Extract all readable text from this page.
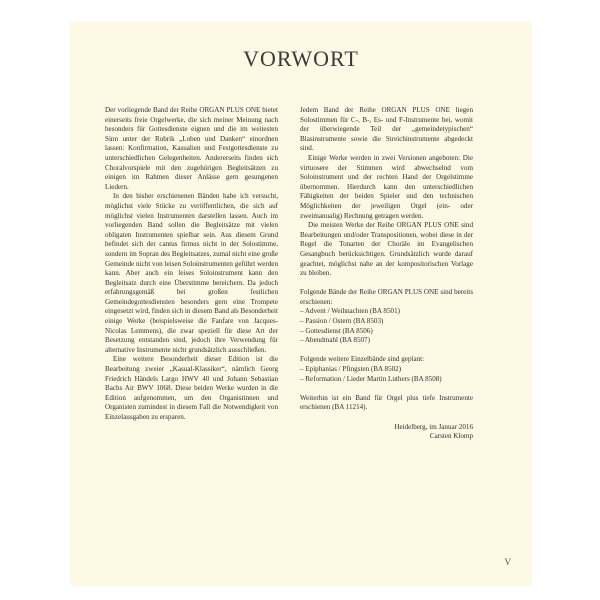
VORWORT

Der vorliegende Band der Reihe ORGAN PLUS ONE bietet einerseits freie Orgelwerke, die sich meiner Meinung nach besonders für Gottesdienste eignen und die im weitesten Sinn unter der Rubrik „Loben und Danken“ einordnen lassen: Konfirmation, Kasualien und Festgottesdienste zu unterschiedlichen Gelegenheiten. Andererseits finden sich Choralvorspiele mit den zugehörigen Begleitsätzen zu einigen im Rahmen dieser Anlässe gern gesungenen Liedern.

In den bisher erschienenen Bänden habe ich versucht, möglichst viele Stücke zu veröffentlichen, die sich auf möglichst vielen Instrumenten darstellen lassen. Auch im vorliegenden Band sollen die Begleitsätze mit vielen obligaten Instrumenten spielbar sein. Aus diesem Grund befindet sich der cantus firmus nicht in der Solostimme, sondern im Sopran des Begleitsatzes, zumal nicht eine große Gemeinde nicht von leisen Soloinstrumenten geführt werden kann. Aber auch ein leises Soloinstrument kann den Begleitsatz durch eine Überstimme bereichern. Da jedoch erfahrungsgemäß bei großen festlichen Gemeindegottesdiensten besonders gern eine Trompete eingesetzt wird, finden sich in diesem Band als Besonderheit einige Werke (beispielsweise die Fanfare von Jacques-Nicolas Lemmens), die zwar speziell für diese Art der Besetzung entstanden sind, jedoch ihre Verwendung für alternative Instrumente nicht grundsätzlich ausschließen.

Eine weitere Besonderheit dieser Edition ist die Bearbeitung zweier „Kasual-Klassiker“, nämlich Georg Friedrich Händels Largo HWV 40 und Johann Sebastian Bachs Air BWV 1068. Diese beiden Werke wurden in die Edition aufgenommen, um den Organistinnen und Organisten zumindest in diesem Fall die Notwendigkeit von Einzelausgaben zu ersparen.

Jedem Band der Reihe ORGAN PLUS ONE liegen Solostimmen für C-, B-, Es- und F-Instrumente bei, womit der überwiegende Teil der „gemeindetypischen“ Blasinstrumente sowie die Streichinstrumente abgedeckt sind.

Einige Werke werden in zwei Versionen angeboten: Die virtuosere der Stimmen wird abwechselnd vom Soloinstrument und der rechten Hand der Orgelstimme übernommen. Hierdurch kann den unterschiedlichen Fähigkeiten der beiden Spieler und den technischen Möglichkeiten der jeweiligen Orgel (ein- oder zweimanualig) Rechnung getragen werden.

Die meisten Werke der Reihe ORGAN PLUS ONE sind Bearbeitungen und/oder Transpositionen, wobei diese in der Regel die Tonarten der Choräle im Evangelischen Gesangbuch berücksichtigen. Grundsätzlich wurde darauf geachtet, möglichst nahe an der kompositorischen Vorlage zu bleiben.

Folgende Bände der Reihe ORGAN PLUS ONE sind bereits erschienen:

– Advent / Weihnachten (BA 8501)
– Passion / Ostern (BA 8503)
– Gottesdienst (BA 8506)
– Abendmahl (BA 8507)

Folgende weitere Einzelbände sind geplant:

– Epiphanias / Pfingsten (BA 8502)
– Reformation / Lieder Martin Luthers (BA 8508)

Weiterhin ist ein Band für Orgel plus tiefe Instrumente erschienen (BA 11214).

Heidelberg, im Januar 2016

Carsten Klomp

V
